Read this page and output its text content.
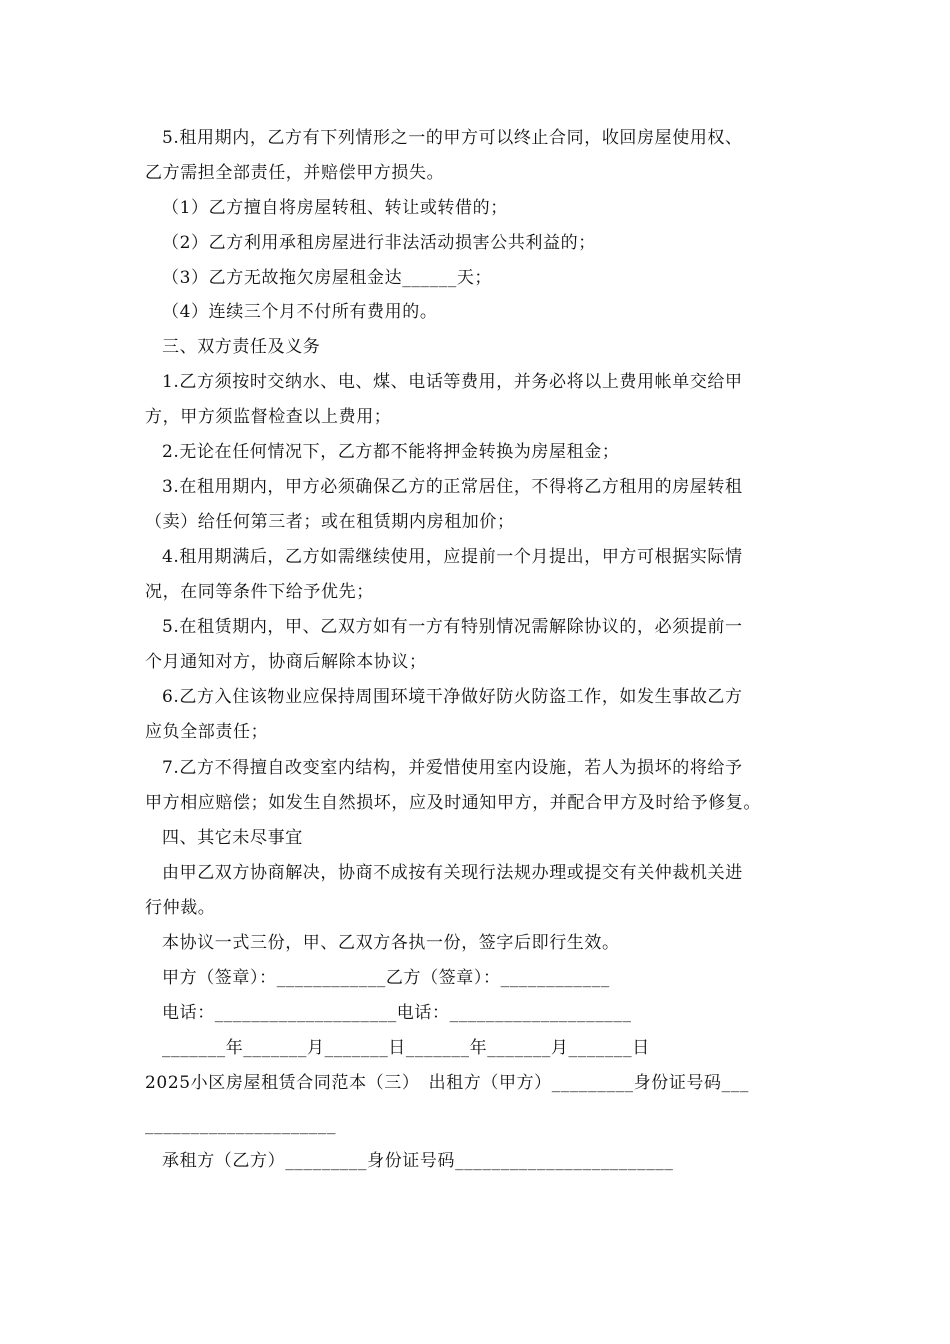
5.租用期内，乙方有下列情形之一的甲方可以终止合同，收回房屋使用权、
乙方需担全部责任，并赔偿甲方损失。
（1）乙方擅自将房屋转租、转让或转借的；
（2）乙方利用承租房屋进行非法活动损害公共利益的；
（3）乙方无故拖欠房屋租金达______天；
（4）连续三个月不付所有费用的。
三、双方责任及义务
1.乙方须按时交纳水、电、煤、电话等费用，并务必将以上费用帐单交给甲
方，甲方须监督检查以上费用；
2.无论在任何情况下，乙方都不能将押金转换为房屋租金；
3.在租用期内，甲方必须确保乙方的正常居住，不得将乙方租用的房屋转租
（卖）给任何第三者；或在租赁期内房租加价；
4.租用期满后，乙方如需继续使用，应提前一个月提出，甲方可根据实际情
况，在同等条件下给予优先；
5.在租赁期内，甲、乙双方如有一方有特别情况需解除协议的，必须提前一
个月通知对方，协商后解除本协议；
6.乙方入住该物业应保持周围环境干净做好防火防盗工作，如发生事故乙方
应负全部责任；
7.乙方不得擅自改变室内结构，并爱惜使用室内设施，若人为损坏的将给予
甲方相应赔偿；如发生自然损坏，应及时通知甲方，并配合甲方及时给予修复。
四、其它未尽事宜
由甲乙双方协商解决，协商不成按有关现行法规办理或提交有关仲裁机关进
行仲裁。
本协议一式三份，甲、乙双方各执一份，签字后即行生效。
甲方（签章）：____________乙方（签章）：____________
电话：____________________电话：____________________
_______年_______月_______日_______年_______月_______日
2025小区房屋租赁合同范本（三）　出租方（甲方）_________身份证号码___
_____________________
承租方（乙方）_________身份证号码________________________
